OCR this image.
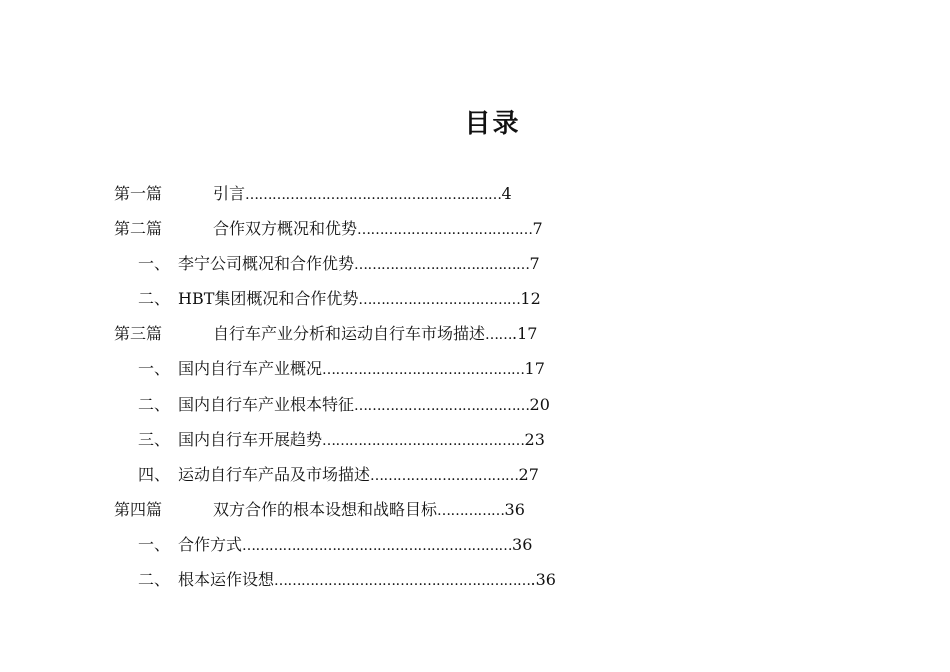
目录
第一篇	引言…………………………………………………4
第二篇	合作双方概况和优势…………………………………7
一、 李宁公司概况和合作优势…………………………………7
二、 HBT集团概况和合作优势………………………………12
第三篇	自行车产业分析和运动自行车市场描述…….17
一、 国内自行车产业概况………………………………………17
二、 国内自行车产业根本特征…………………………………20
三、 国内自行车开展趋势………………………………………23
四、 运动自行车产品及市场描述……………………………27
第四篇	双方合作的根本设想和战略目标……………36
一、 合作方式……………………………………………………36
二、 根本运作设想………………………………………………….36
